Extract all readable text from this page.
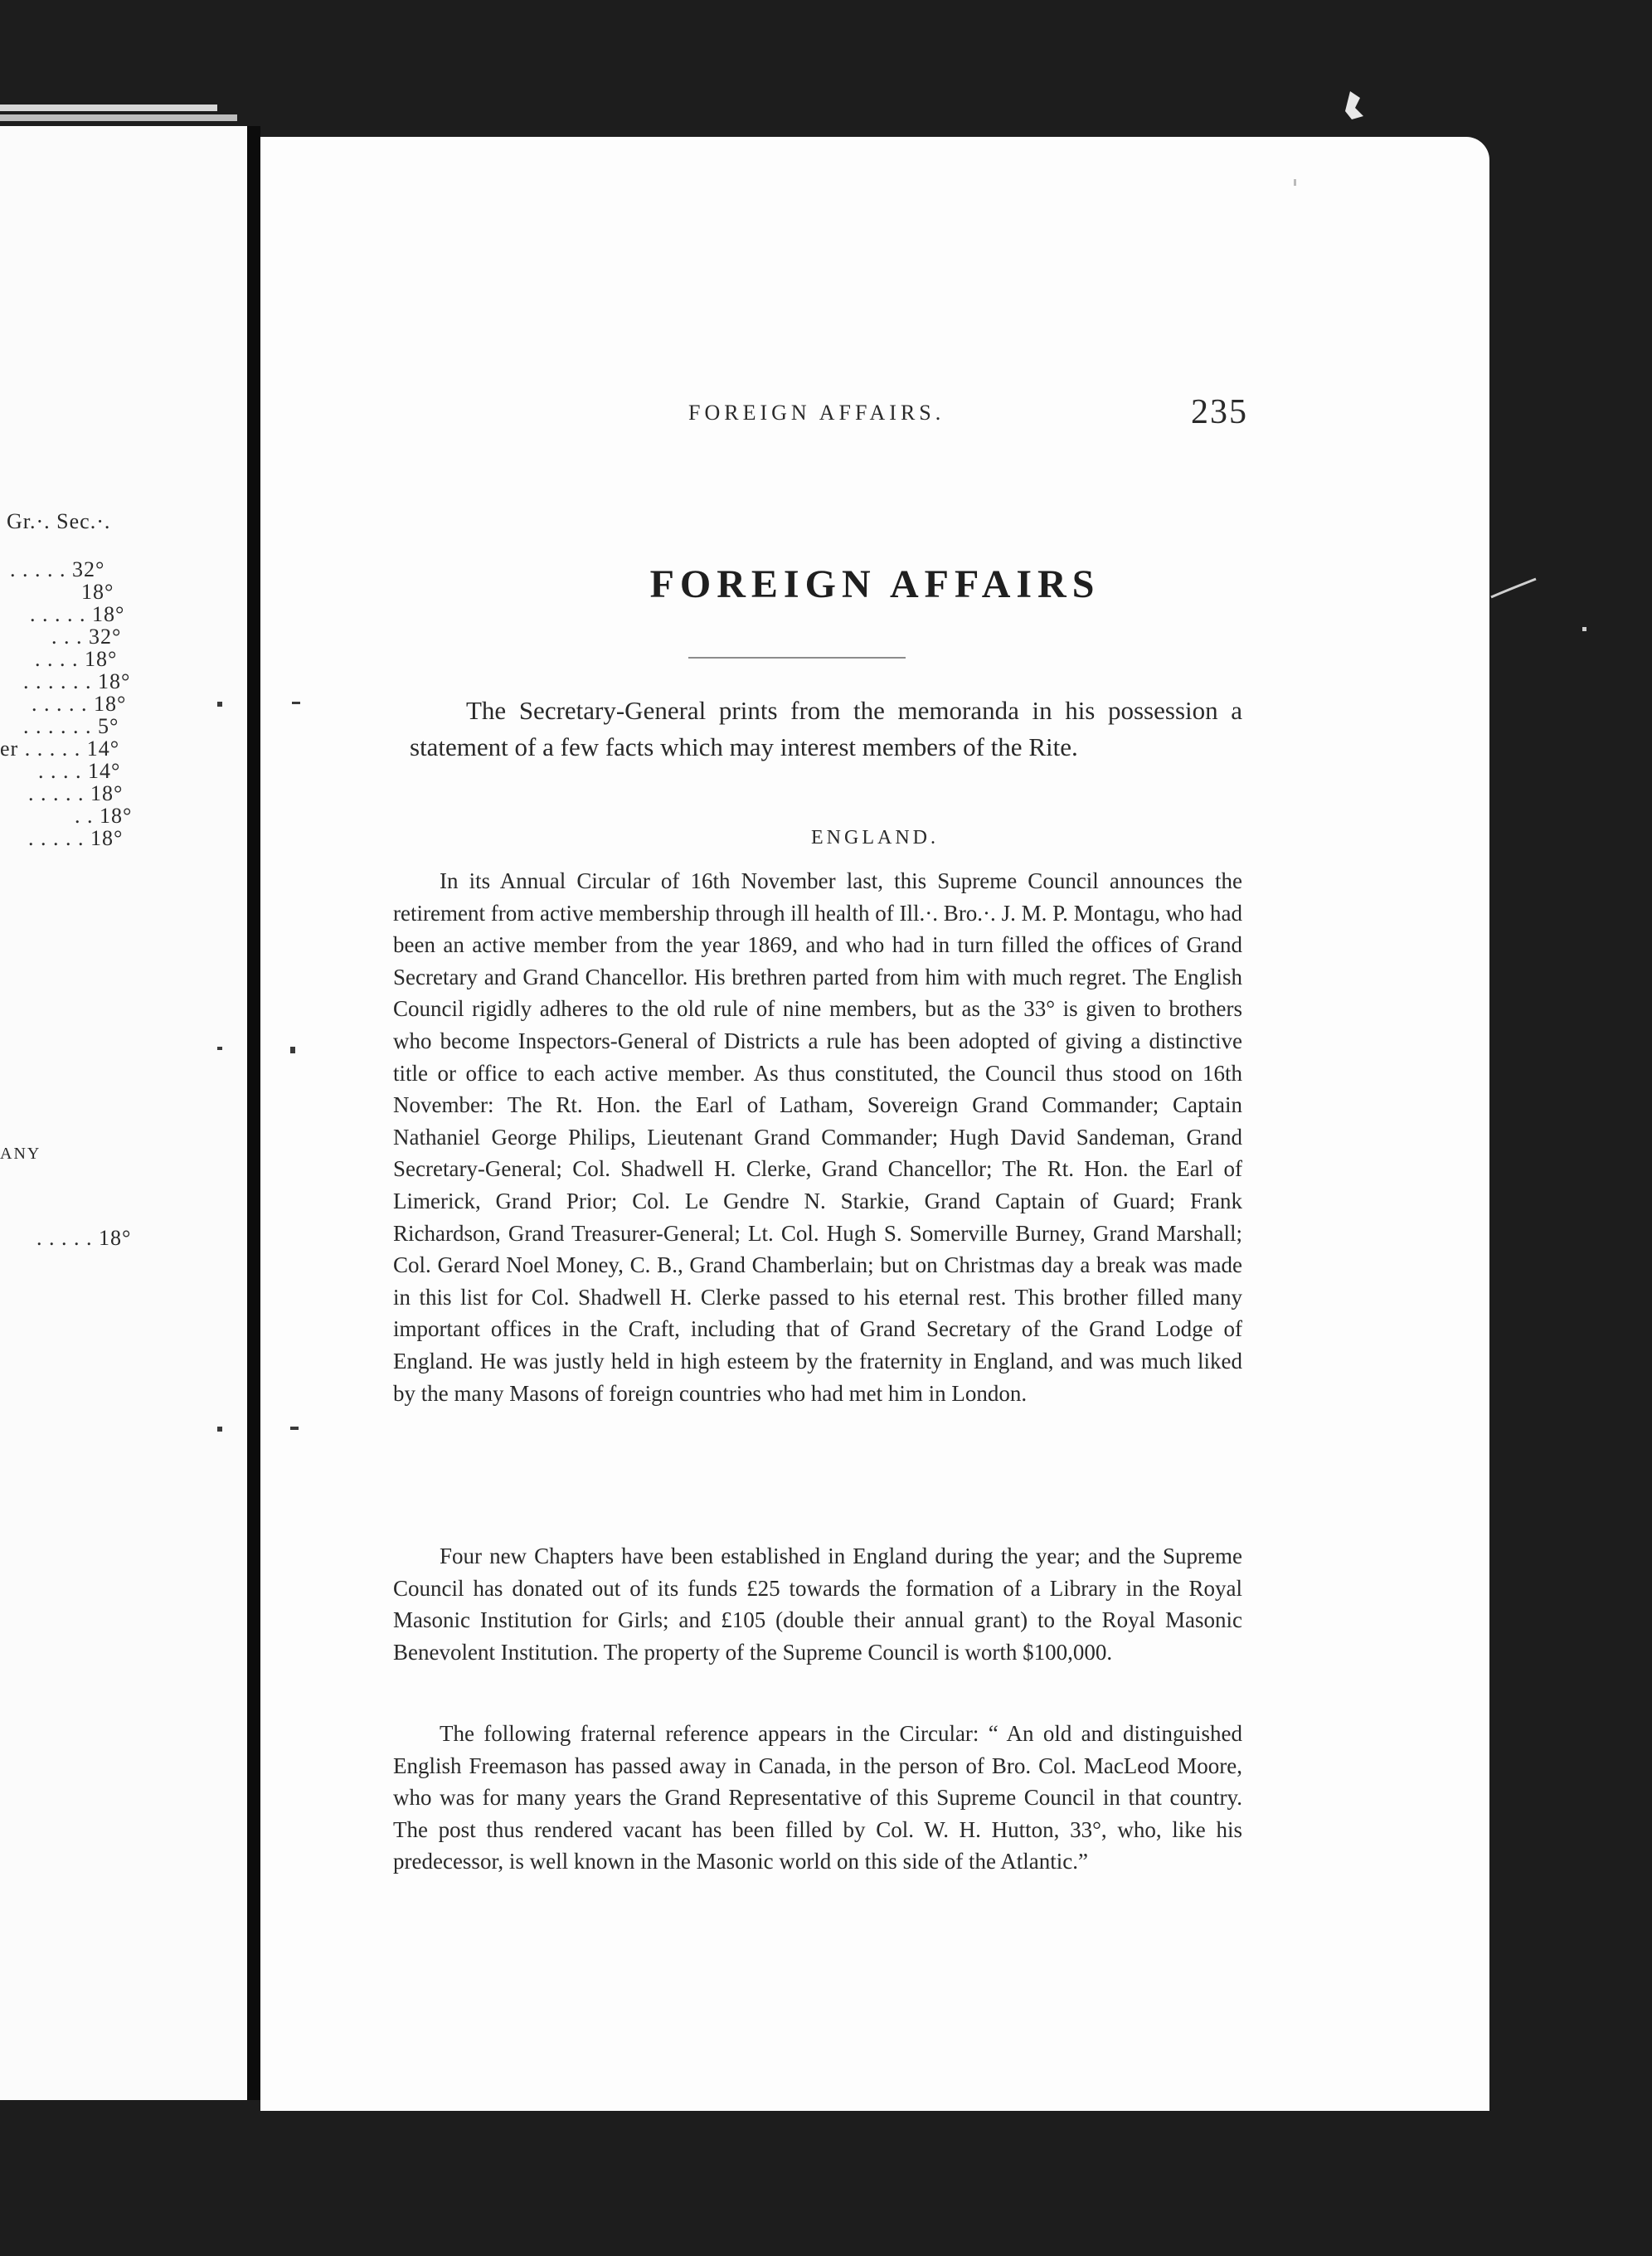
Gr.·. Sec.·.
. . . . . 32°
18°
. . . . . 18°
. . . 32°
. . . . 18°
. . . . . . 18°
. . . . . 18°
. . . . . . 5°
er . . . . . 14°
. . . . 14°
. . . . . 18°
. . 18°
. . . . . 18°
ANY
. . . . . 18°
FOREIGN AFFAIRS.	235
FOREIGN AFFAIRS
The Secretary-General prints from the memoranda in his possession a statement of a few facts which may interest members of the Rite.
ENGLAND.
In its Annual Circular of 16th November last, this Supreme Council announces the retirement from active membership through ill health of Ill.·. Bro.·. J. M. P. Montagu, who had been an active member from the year 1869, and who had in turn filled the offices of Grand Secretary and Grand Chancellor. His brethren parted from him with much regret. The English Council rigidly adheres to the old rule of nine members, but as the 33° is given to brothers who become Inspectors-General of Districts a rule has been adopted of giving a distinctive title or office to each active member. As thus constituted, the Council thus stood on 16th November: The Rt. Hon. the Earl of Latham, Sovereign Grand Commander; Captain Nathaniel George Philips, Lieutenant Grand Commander; Hugh David Sandeman, Grand Secretary-General; Col. Shadwell H. Clerke, Grand Chancellor; The Rt. Hon. the Earl of Limerick, Grand Prior; Col. Le Gendre N. Starkie, Grand Captain of Guard; Frank Richardson, Grand Treasurer-General; Lt. Col. Hugh S. Somerville Burney, Grand Marshall; Col. Gerard Noel Money, C. B., Grand Chamberlain; but on Christmas day a break was made in this list for Col. Shadwell H. Clerke passed to his eternal rest. This brother filled many important offices in the Craft, including that of Grand Secretary of the Grand Lodge of England. He was justly held in high esteem by the fraternity in England, and was much liked by the many Masons of foreign countries who had met him in London.
Four new Chapters have been established in England during the year; and the Supreme Council has donated out of its funds £25 towards the formation of a Library in the Royal Masonic Institution for Girls; and £105 (double their annual grant) to the Royal Masonic Benevolent Institution. The property of the Supreme Council is worth $100,000.
The following fraternal reference appears in the Circular: “ An old and distinguished English Freemason has passed away in Canada, in the person of Bro. Col. MacLeod Moore, who was for many years the Grand Representative of this Supreme Council in that country. The post thus rendered vacant has been filled by Col. W. H. Hutton, 33°, who, like his predecessor, is well known in the Masonic world on this side of the Atlantic.”
